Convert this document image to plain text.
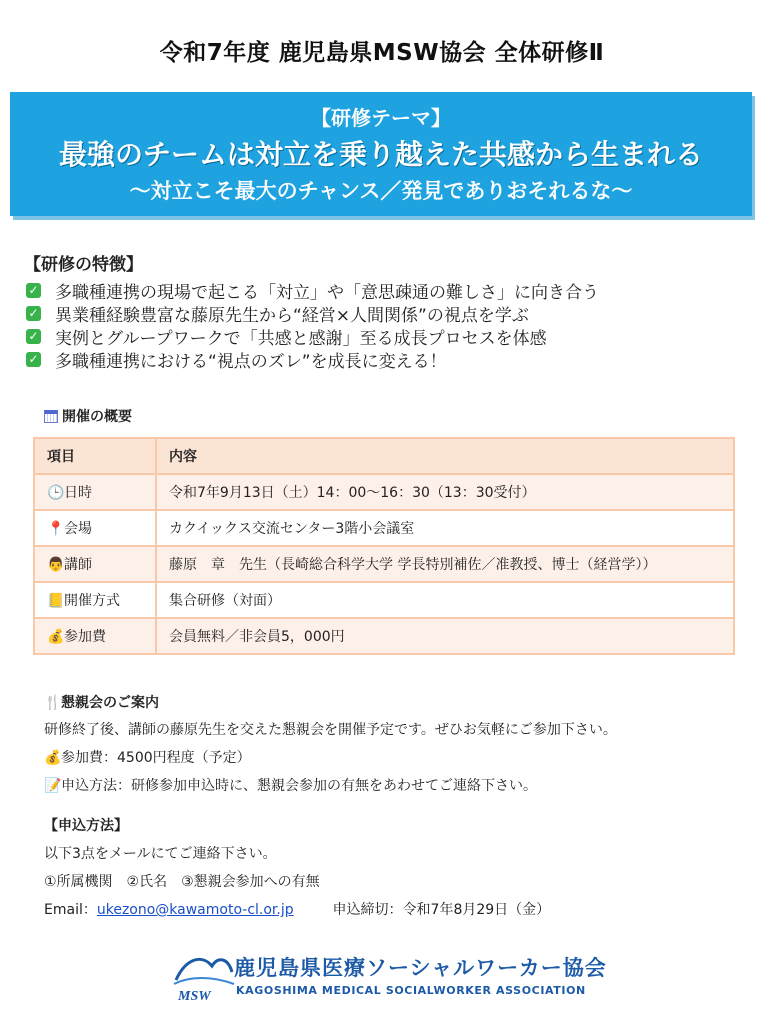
令和7年度 鹿児島県MSW協会 全体研修Ⅱ
【研修テーマ】
最強のチームは対立を乗り越えた共感から生まれる
〜対立こそ最大のチャンス／発見でありおそれるな〜
【研修の特徴】
✓ 多職種連携の現場で起こる「対立」や「意思疎通の難しさ」に向き合う
✓ 異業種経験豊富な藤原先生から“経営×人間関係”の視点を学ぶ
✓ 実例とグループワークで「共感と感謝」至る成長プロセスを体感
✓ 多職種連携における“視点のズレ”を成長に変える！
開催の概要
項目	内容
🕒日時	令和7年9月13日（土）14：00〜16：30（13：30受付）
📍会場	カクイックス交流センター3階小会議室
👨講師	藤原　章　先生（長崎総合科学大学 学長特別補佐／准教授、博士（経営学））
📒開催方式	集合研修（対面）
💰参加費	会員無料／非会員5，000円
🍴懇親会のご案内
研修終了後、講師の藤原先生を交えた懇親会を開催予定です。ぜひお気軽にご参加下さい。
💰参加費：4500円程度（予定）
📝申込方法：研修参加申込時に、懇親会参加の有無をあわせてご連絡下さい。
【申込方法】
以下3点をメールにてご連絡下さい。
①所属機関　②氏名　③懇親会参加への有無
Email：ukezono@kawamoto-cl.or.jp	申込締切：令和7年8月29日（金）
MSW
鹿児島県医療ソーシャルワーカー協会
KAGOSHIMA MEDICAL SOCIALWORKER ASSOCIATION
